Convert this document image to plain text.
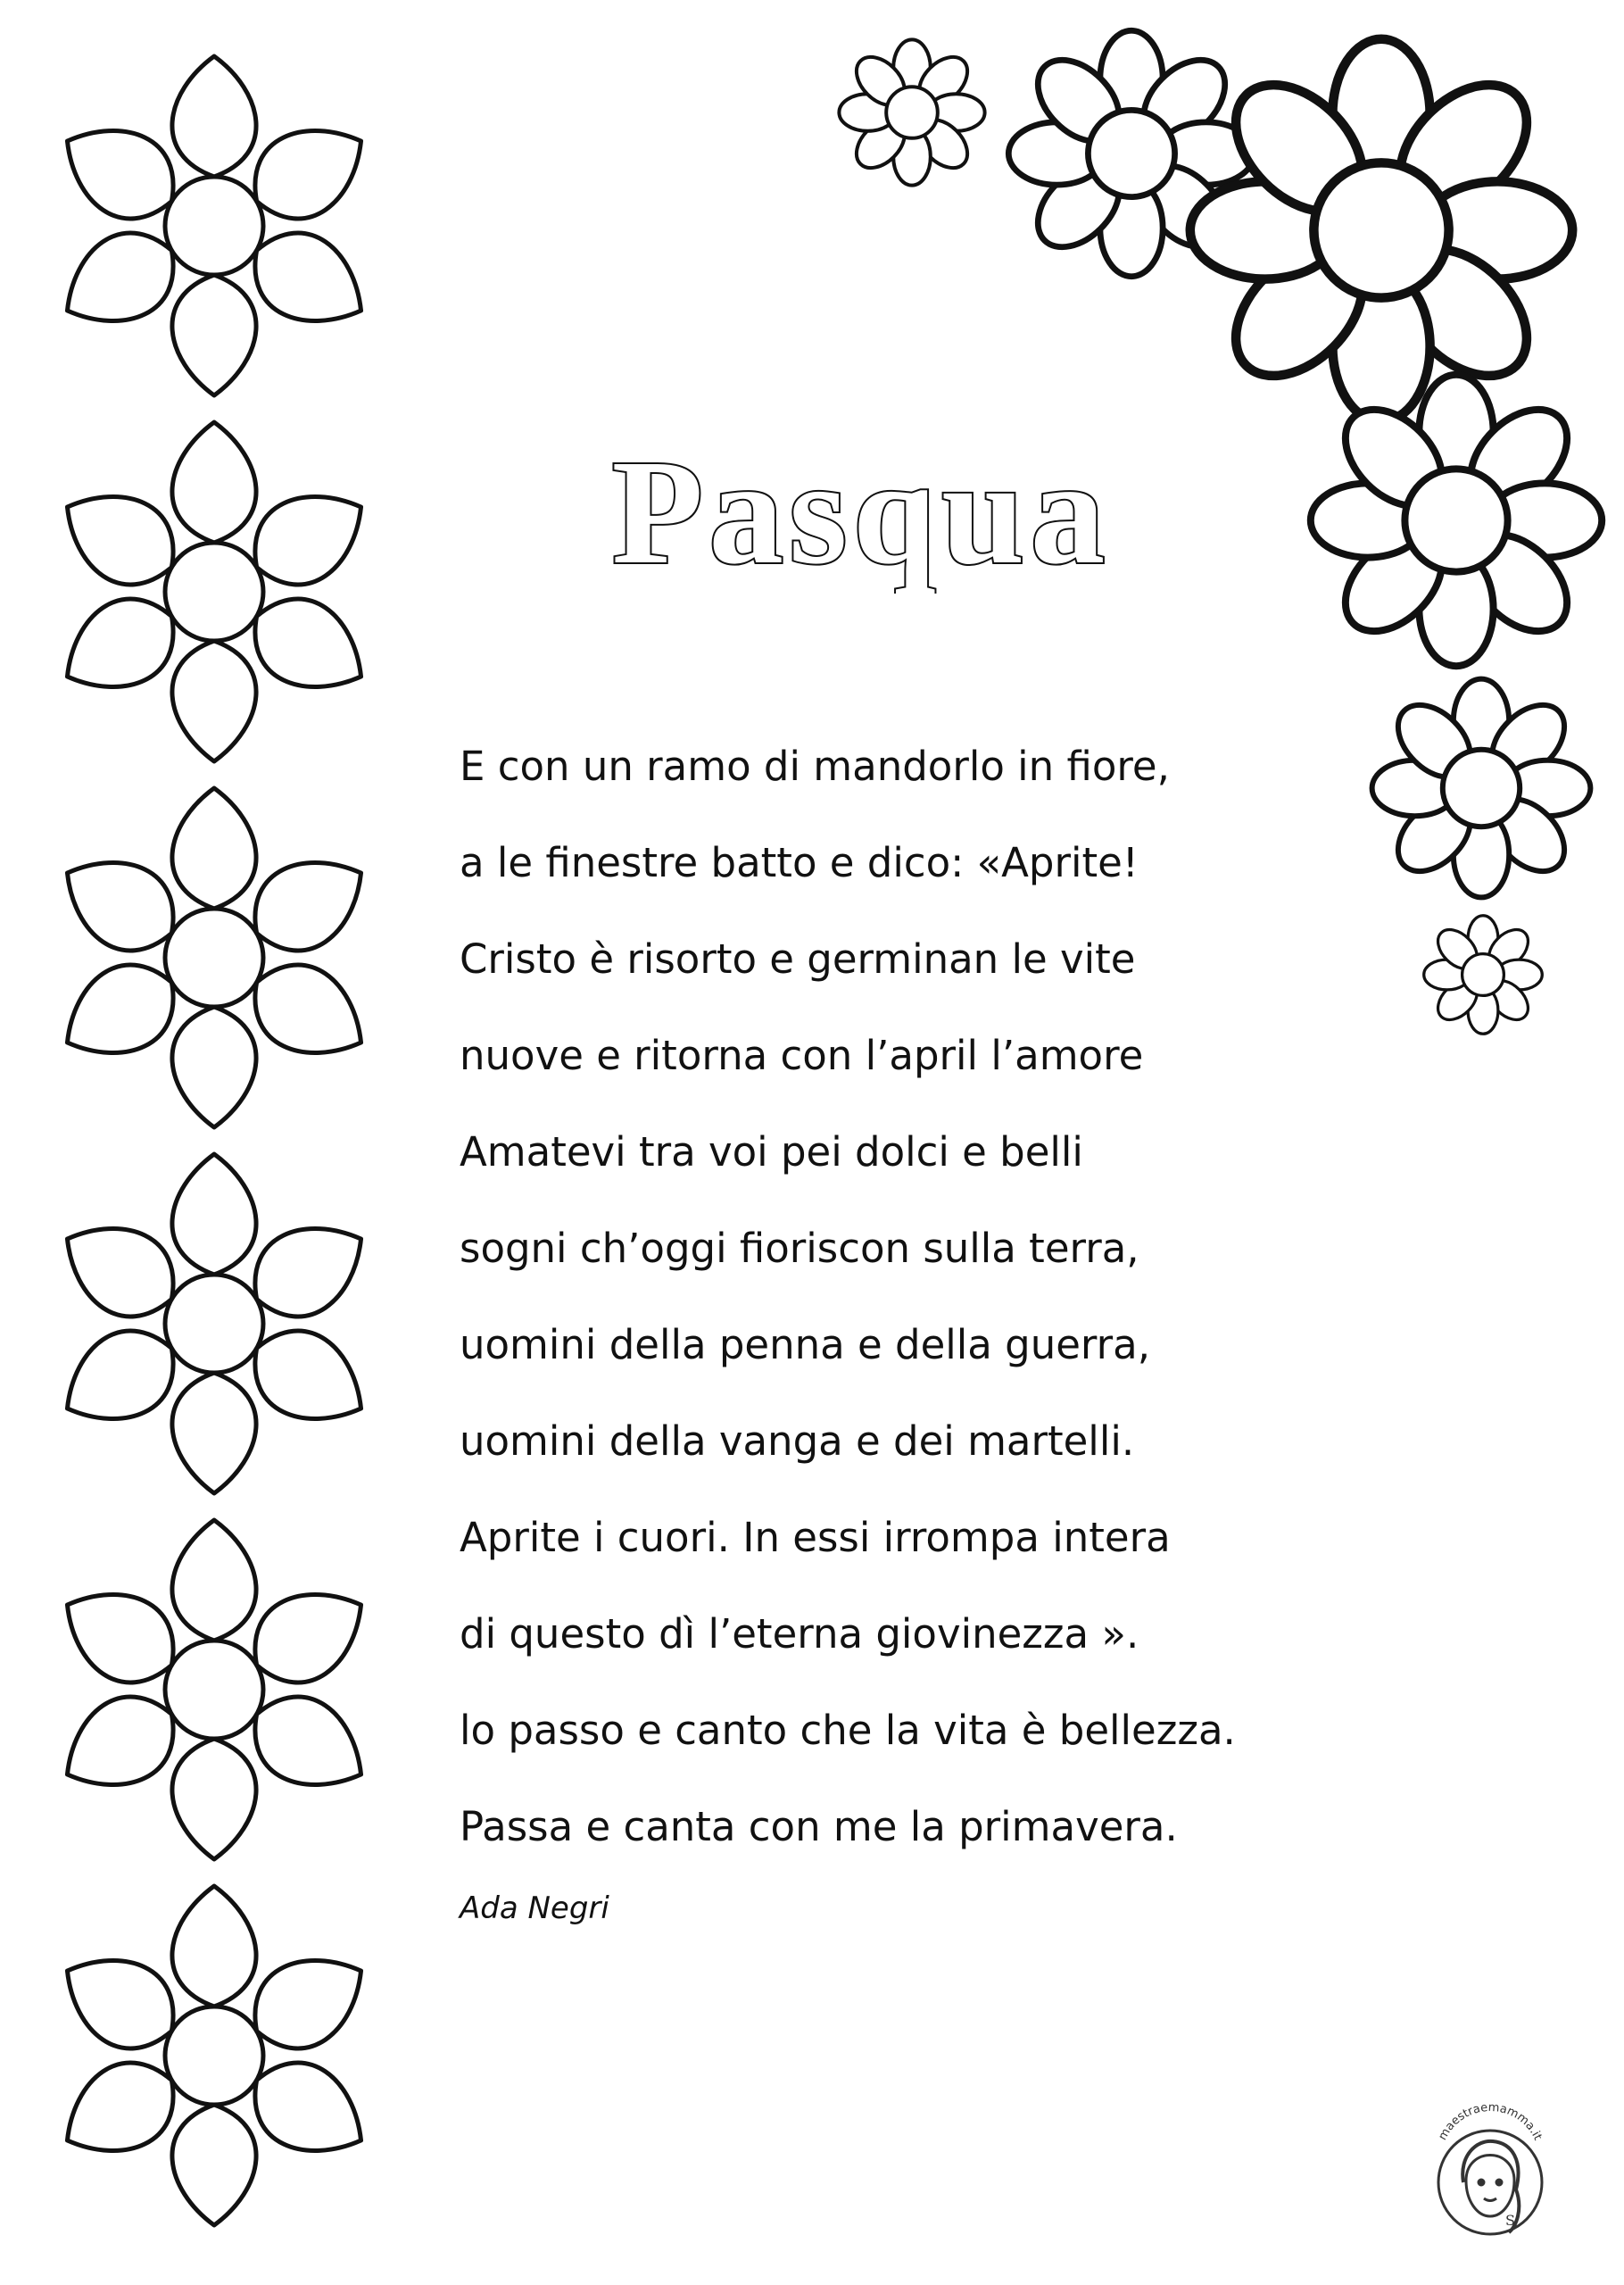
Pasqua
E con un ramo di mandorlo in fiore,
a le finestre batto e dico: «Aprite!
Cristo è risorto e germinan le vite
nuove e ritorna con l’april l’amore
Amatevi tra voi pei dolci e belli
sogni ch’oggi fioriscon sulla terra,
uomini della penna e della guerra,
uomini della vanga e dei martelli.
Aprite i cuori. In essi irrompa intera
di questo dì l’eterna giovinezza ».
lo passo e canto che la vita è bellezza.
Passa e canta con me la primavera.
Ada Negri
maestraemamma.it
S
